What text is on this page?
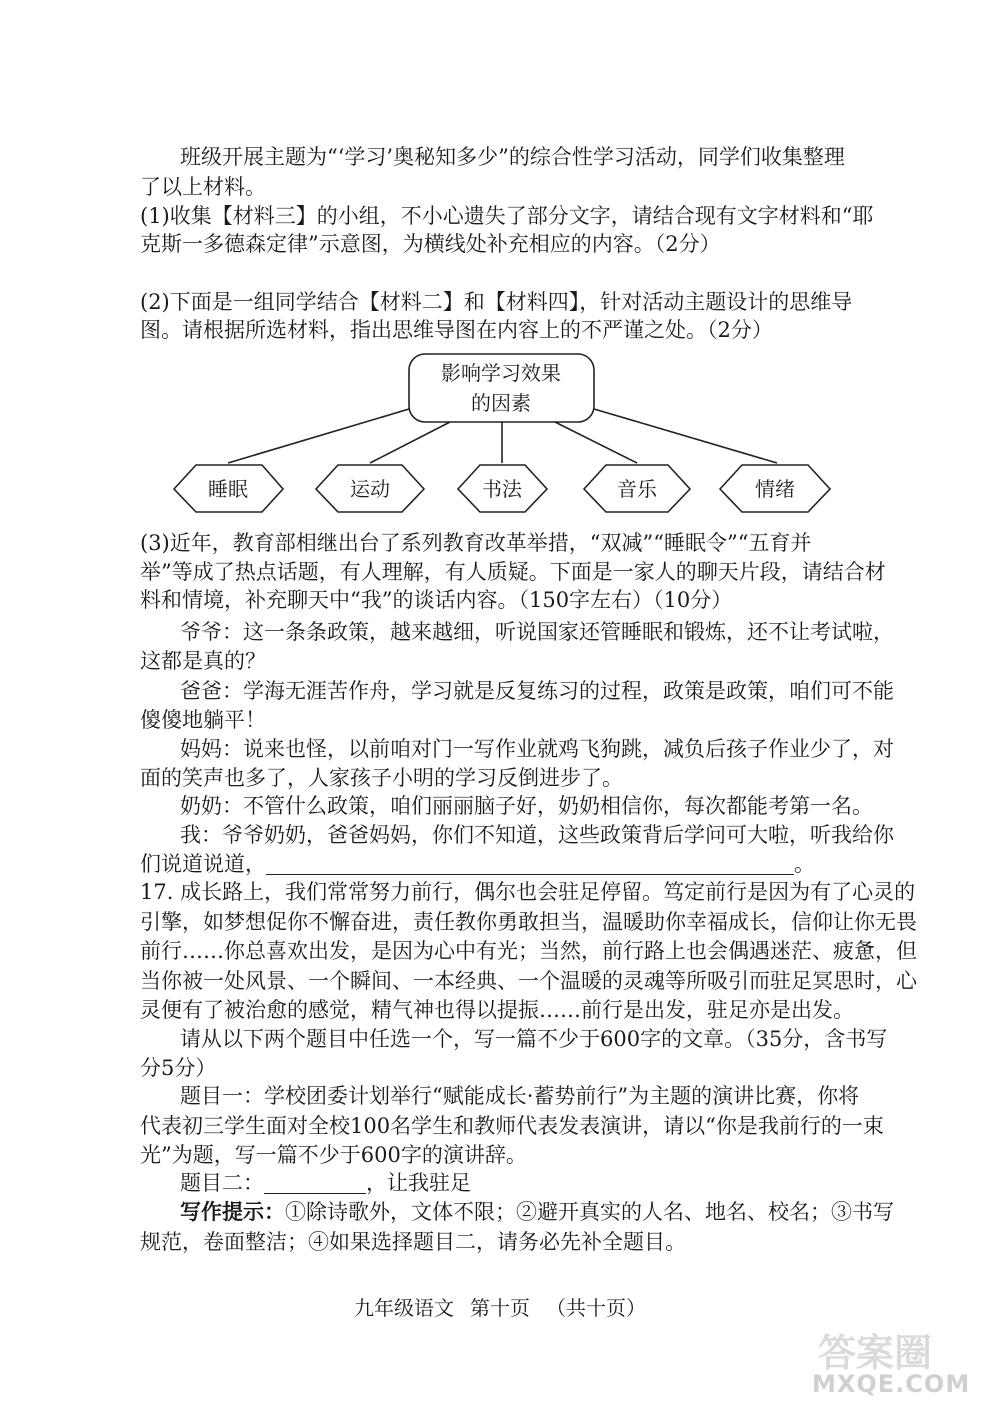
班级开展主题为“‘学习’奥秘知多少”的综合性学习活动，同学们收集整理
了以上材料。
(1)收集【材料三】的小组，不小心遗失了部分文字，请结合现有文字材料和“耶
克斯一多德森定律”示意图，为横线处补充相应的内容。（2分）
(2)下面是一组同学结合【材料二】和【材料四】，针对活动主题设计的思维导
图。请根据所选材料，指出思维导图在内容上的不严谨之处。（2分）
影响学习效果
的因素
睡眠	运动	书法	音乐	情绪
(3)近年，教育部相继出台了系列教育改革举措，“双减”“睡眠令”“五育并
举”等成了热点话题，有人理解，有人质疑。下面是一家人的聊天片段，请结合材
料和情境，补充聊天中“我”的谈话内容。（150字左右）（10分）
爷爷：这一条条政策，越来越细，听说国家还管睡眠和锻炼，还不让考试啦，
这都是真的？
爸爸：学海无涯苦作舟，学习就是反复练习的过程，政策是政策，咱们可不能
傻傻地躺平！
妈妈：说来也怪，以前咱对门一写作业就鸡飞狗跳，减负后孩子作业少了，对
面的笑声也多了，人家孩子小明的学习反倒进步了。
奶奶：不管什么政策，咱们丽丽脑子好，奶奶相信你，每次都能考第一名。
我：爷爷奶奶，爸爸妈妈，你们不知道，这些政策背后学问可大啦，听我给你
们说道说道，	。
17. 成长路上，我们常常努力前行，偶尔也会驻足停留。笃定前行是因为有了心灵的
引擎，如梦想促你不懈奋进，责任教你勇敢担当，温暖助你幸福成长，信仰让你无畏
前行……你总喜欢出发，是因为心中有光；当然，前行路上也会偶遇迷茫、疲惫，但
当你被一处风景、一个瞬间、一本经典、一个温暖的灵魂等所吸引而驻足冥思时，心
灵便有了被治愈的感觉，精气神也得以提振……前行是出发，驻足亦是出发。
请从以下两个题目中任选一个，写一篇不少于600字的文章。（35分，含书写
分5分）
题目一：学校团委计划举行“赋能成长·蓄势前行”为主题的演讲比赛，你将
代表初三学生面对全校100名学生和教师代表发表演讲，请以“你是我前行的一束
光”为题，写一篇不少于600字的演讲辞。
题目二：	，让我驻足
写作提示：①除诗歌外，文体不限；②避开真实的人名、地名、校名；③书写
规范，卷面整洁；④如果选择题目二，请务必先补全题目。
九年级语文 第十页 （共十页）
答案圈
MXQE.COM
